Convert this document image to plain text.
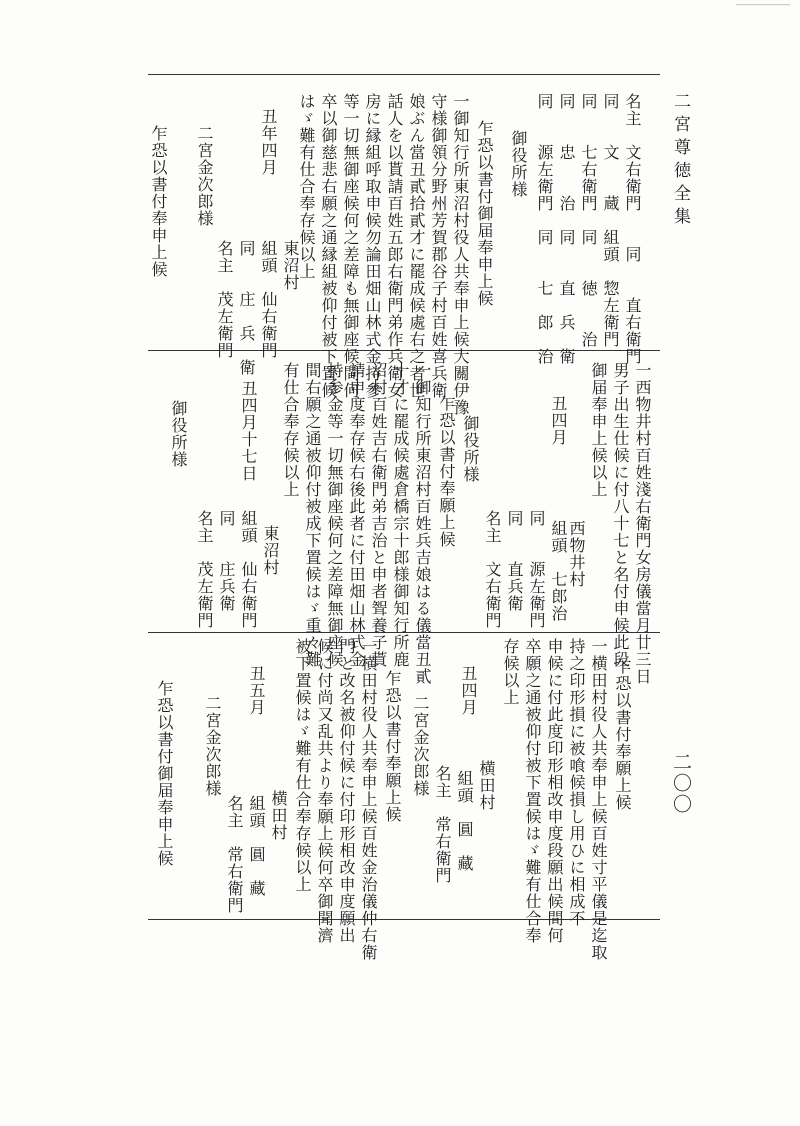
───────────────
二宮尊徳全集
二〇〇
名主　文右衛門　　同　　直右衛門
同　　文　　蔵　組頭　惣左衛門
同　　七右衛門　同　　徳　　治
同　　忠　　治　同　　直　兵　衛
同　　源左衛門　同　　七　郎　治
御役所様
乍恐以書付御届奉申上候
一御知行所東沼村役人共奉申上候大關伊豫
守様御領分野州芳賀郡谷子村百姓喜兵衛
娘ぶん當丑貳拾貳才に罷成候處右之者世
話人を以貰請百姓五郎右衛門弟作兵衛女
房に縁組呼取申候勿論田畑山林式金持参
等一切無御座候何之差障も無御座候間何
卒以御慈悲右願之通縁組被仰付被下置候
はゞ難有仕合奉存候以上
東沼村
丑年四月
組頭　仙右衛門
同　　庄　兵　衛
名主　茂左衛門
二宮金次郎様
乍恐以書付奉申上候
一西物井村百姓淺右衛門女房儀當月廿三日
男子出生仕候に付八十七と名付申候此段
御届奉申上候以上
西物井村
丑四月
組頭　七郎治
同　　源左衛門
同　　直兵衛
名主　文右衛門
御役所様
乍恐以書付奉願上候
一御知行所東沼村百姓兵吉娘はる儀當丑貳
十才に罷成候處倉橋宗十郎様御知行所鹿
沼村百姓吉右衛門弟吉治と申者聟養子貰
請申度奉存候右後此者に付田畑山林式金
持参金等一切無御座候何之差障無御座候
間右願之通被仰付被成下置候はゞ重々難
有仕合奉存候以上
東沼村
丑四月十七日
組頭　仙右衛門
同　　庄兵衛
名主　茂左衛門
御役所様
乍恐以書付奉願上候
一横田村役人共奉申上候百姓寸平儀是迄取
持之印形損に被喰候損し用ひに相成不
申候に付此度印形相改申度段願出候間何
卒願之通被仰付被下置候はゞ難有仕合奉
存候以上
横田村
丑四月
組頭　圓　藏
名主　常右衛門
二宮金次郎様
乍恐以書付奉願上候
一横田村役人共奉申上候百姓金治儀仲右衛
門と改名被仰付候に付印形相改申度願出
候に付尚又乱共より奉願上候何卒御聞濟
被下置候はゞ難有仕合奉存候以上
横田村
丑五月
組頭　圓　藏
名主　常右衛門
二宮金次郎様
乍恐以書付御届奉申上候
